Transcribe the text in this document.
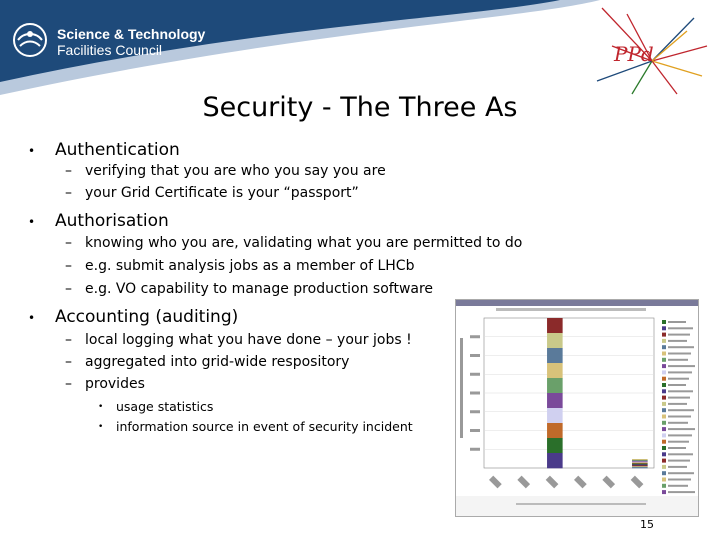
Science & Technology
Facilities Council	PPd
Security - The Three As
• Authentication
– verifying that you are who you say you are
– your Grid Certificate is your “passport”
• Authorisation
– knowing who you are, validating what you are permitted to do
– e.g. submit analysis jobs as a member of LHCb
– e.g. VO capability to manage production software
• Accounting (auditing)
– local logging what you have done – your jobs !
– aggregated into grid-wide respository
– provides
• usage statistics
• information source in event of security incident
15
